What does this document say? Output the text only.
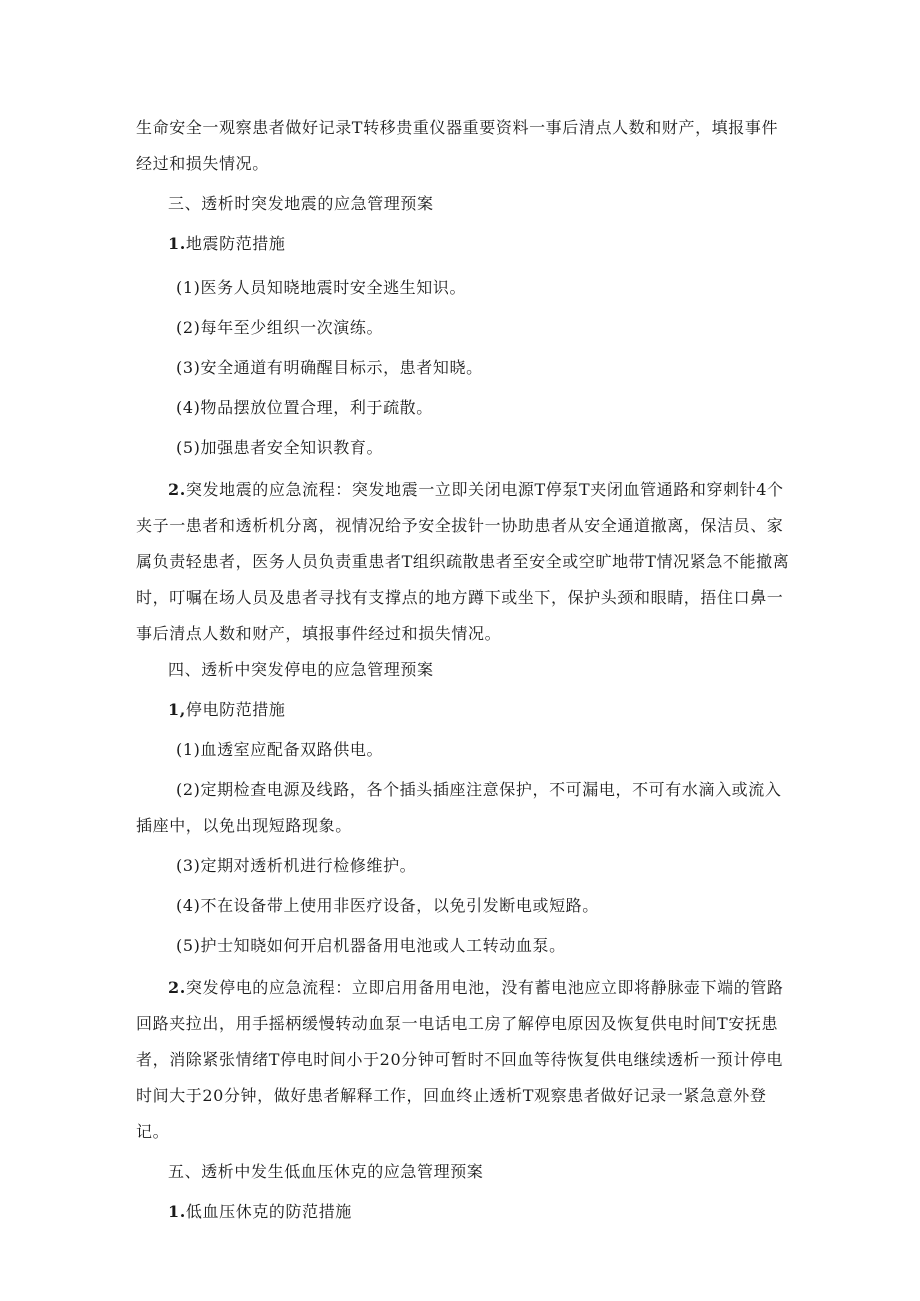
生命安全一观察患者做好记录T转移贵重仪器重要资料一事后清点人数和财产，填报事件经过和损失情况。

三、透析时突发地震的应急管理预案

1.地震防范措施

(1)医务人员知晓地震时安全逃生知识。

(2)每年至少组织一次演练。

(3)安全通道有明确醒目标示，患者知晓。

(4)物品摆放位置合理，利于疏散。

(5)加强患者安全知识教育。

2.突发地震的应急流程：突发地震一立即关闭电源T停泵T夹闭血管通路和穿刺针4个夹子一患者和透析机分离，视情况给予安全拔针一协助患者从安全通道撤离，保洁员、家属负责轻患者，医务人员负责重患者T组织疏散患者至安全或空旷地带T情况紧急不能撤离时，叮嘱在场人员及患者寻找有支撑点的地方蹲下或坐下，保护头颈和眼睛，捂住口鼻一事后清点人数和财产，填报事件经过和损失情况。

四、透析中突发停电的应急管理预案

1,停电防范措施

(1)血透室应配备双路供电。

(2)定期检查电源及线路，各个插头插座注意保护，不可漏电，不可有水滴入或流入插座中，以免出现短路现象。

(3)定期对透析机进行检修维护。

(4)不在设备带上使用非医疗设备，以免引发断电或短路。

(5)护士知晓如何开启机器备用电池或人工转动血泵。

2.突发停电的应急流程：立即启用备用电池，没有蓄电池应立即将静脉壶下端的管路回路夹拉出，用手摇柄缓慢转动血泵一电话电工房了解停电原因及恢复供电时间T安抚患者，消除紧张情绪T停电时间小于20分钟可暂时不回血等待恢复供电继续透析一预计停电时间大于20分钟，做好患者解释工作，回血终止透析T观察患者做好记录一紧急意外登记。

五、透析中发生低血压休克的应急管理预案

1.低血压休克的防范措施
